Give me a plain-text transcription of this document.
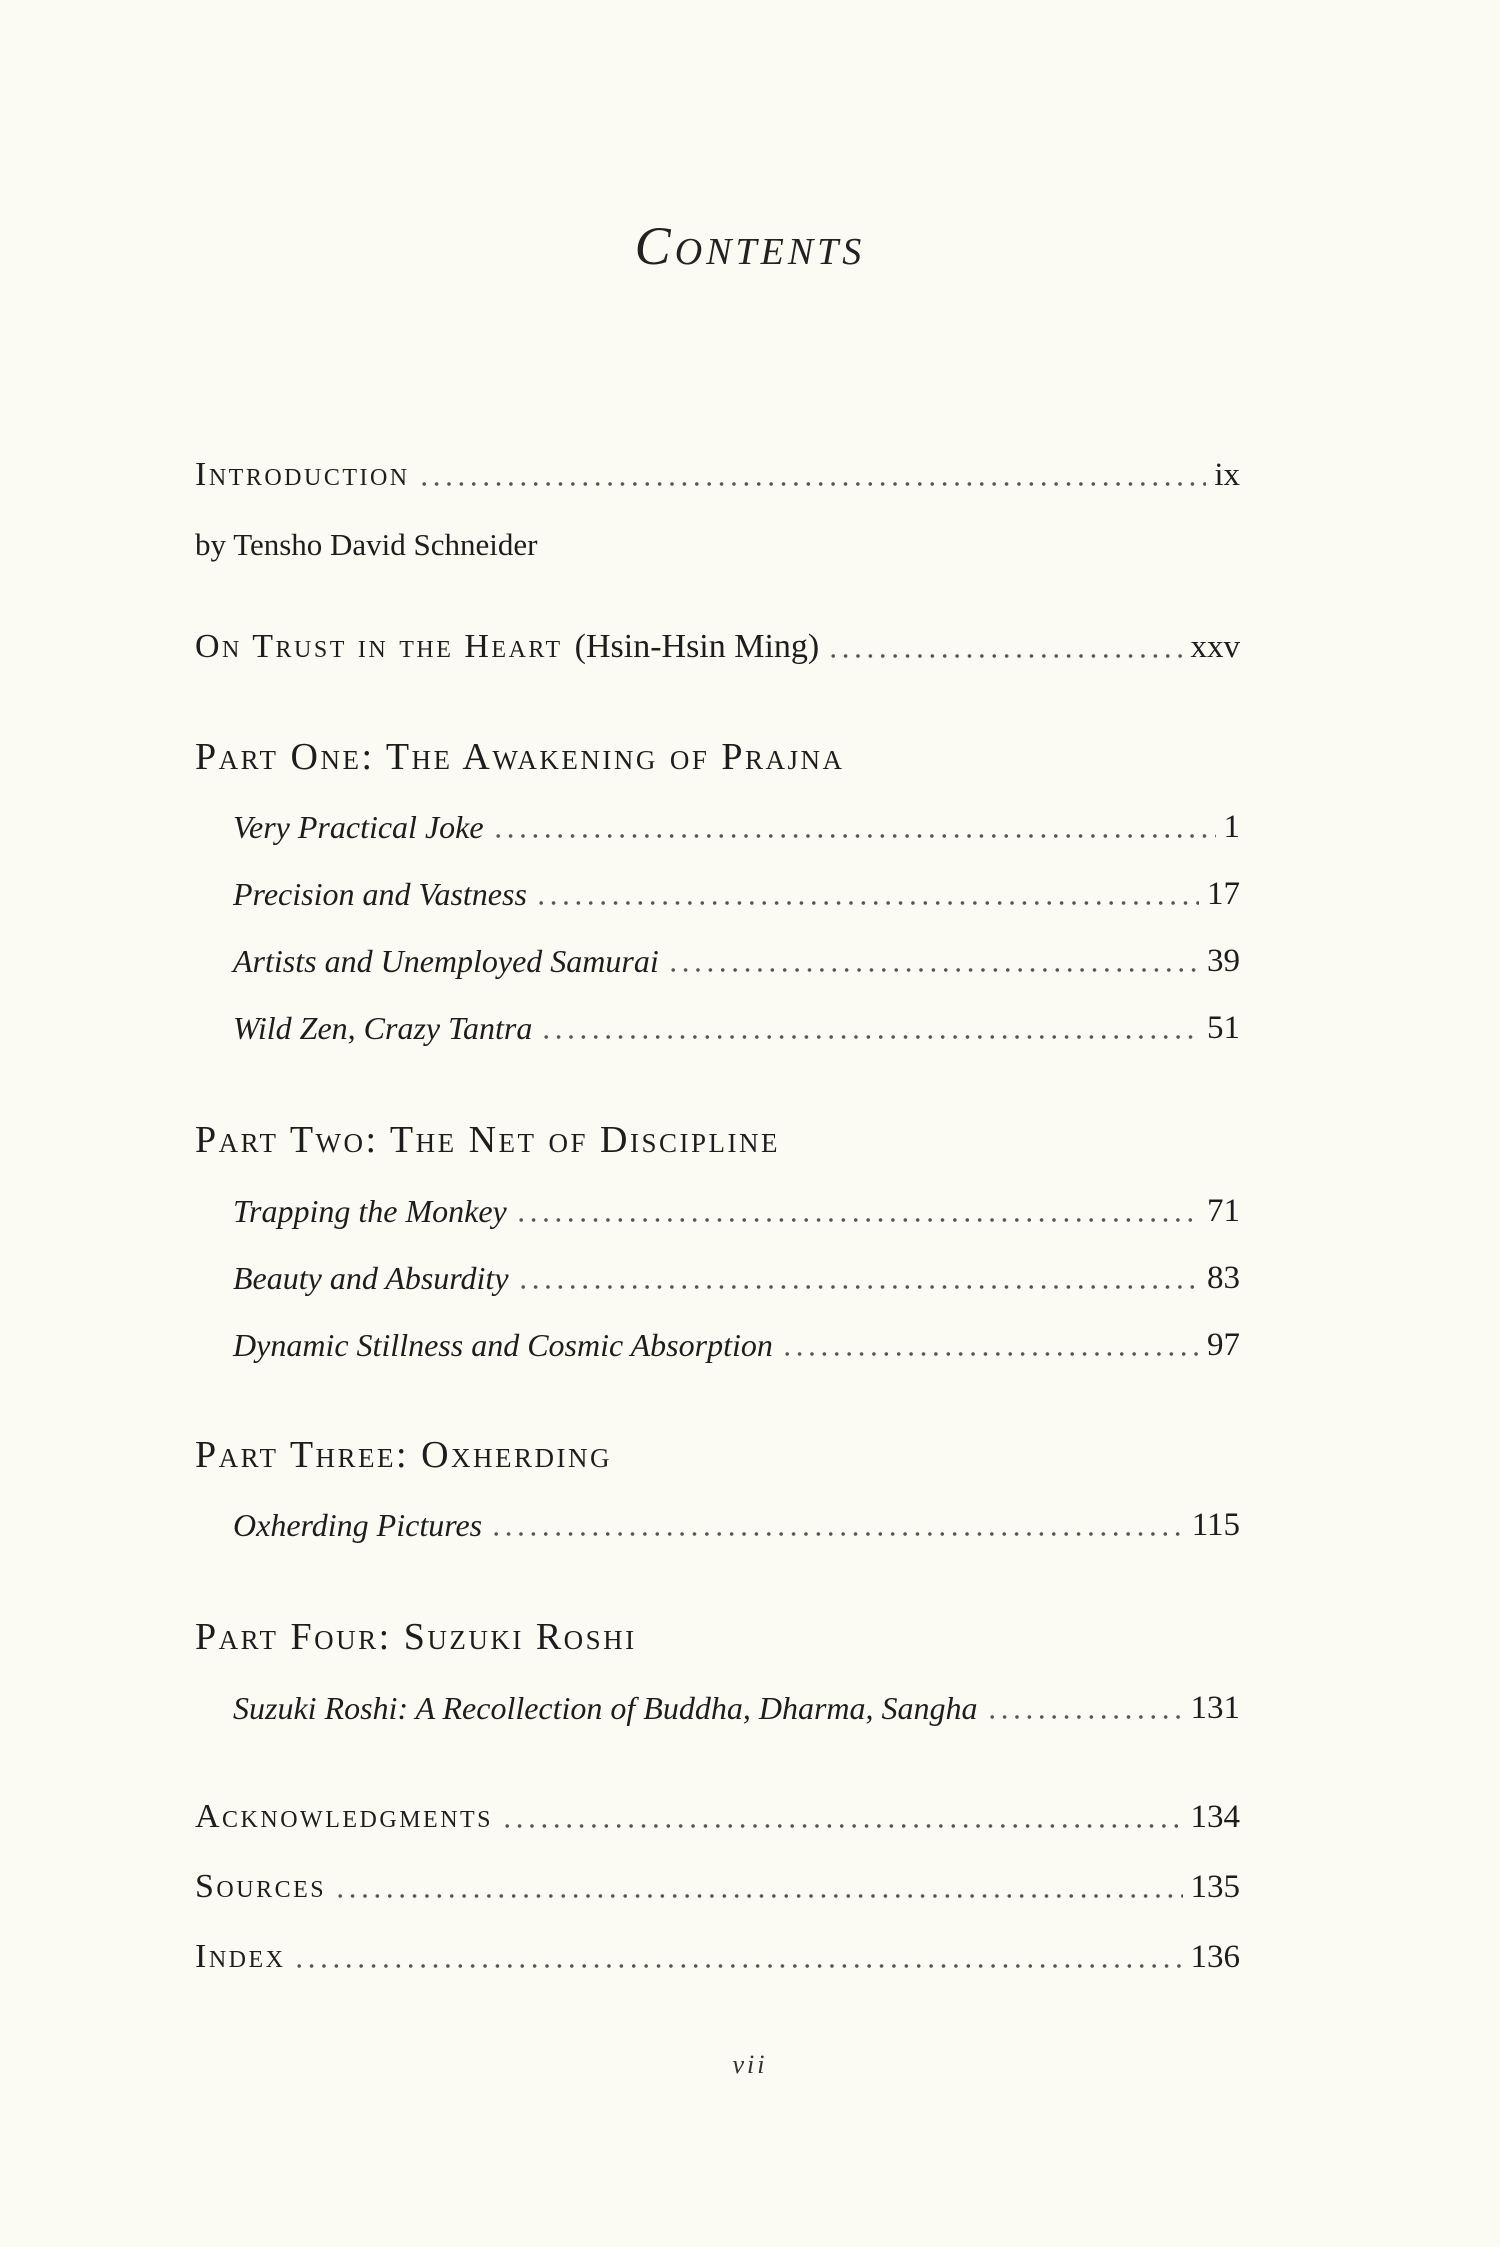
Contents
Introduction	ix
by Tensho David Schneider
On Trust in the Heart (Hsin-Hsin Ming)	xxv
Part One: The Awakening of Prajna
Very Practical Joke	1
Precision and Vastness	17
Artists and Unemployed Samurai	39
Wild Zen, Crazy Tantra	51
Part Two: The Net of Discipline
Trapping the Monkey	71
Beauty and Absurdity	83
Dynamic Stillness and Cosmic Absorption	97
Part Three: Oxherding
Oxherding Pictures	115
Part Four: Suzuki Roshi
Suzuki Roshi: A Recollection of Buddha, Dharma, Sangha	131
Acknowledgments	134
Sources	135
Index	136
vii
